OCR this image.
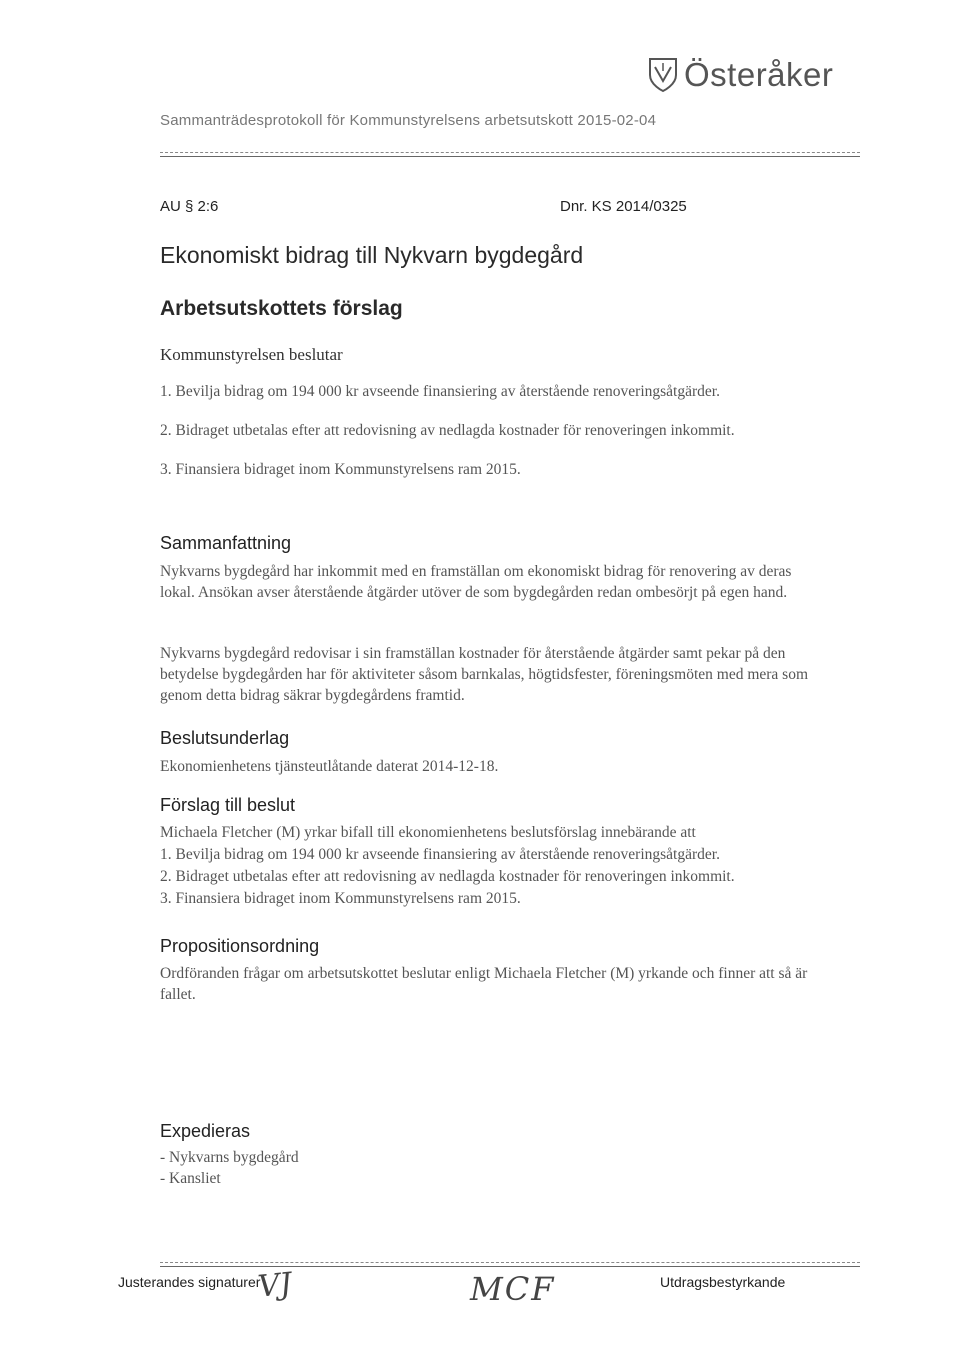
Österåker
Sammanträdesprotokoll för Kommunstyrelsens arbetsutskott 2015-02-04
AU § 2:6	Dnr. KS 2014/0325
Ekonomiskt bidrag till Nykvarn bygdegård
Arbetsutskottets förslag
Kommunstyrelsen beslutar
1. Bevilja bidrag om 194 000 kr avseende finansiering av återstående renoveringsåtgärder.
2. Bidraget utbetalas efter att redovisning av nedlagda kostnader för renoveringen inkommit.
3. Finansiera bidraget inom Kommunstyrelsens ram 2015.
Sammanfattning
Nykvarns bygdegård har inkommit med en framställan om ekonomiskt bidrag för renovering av deras lokal. Ansökan avser återstående åtgärder utöver de som bygdegården redan ombesörjt på egen hand.
Nykvarns bygdegård redovisar i sin framställan kostnader för återstående åtgärder samt pekar på den betydelse bygdegården har för aktiviteter såsom barnkalas, högtidsfester, föreningsmöten med mera som genom detta bidrag säkrar bygdegårdens framtid.
Beslutsunderlag
Ekonomienhetens tjänsteutlåtande daterat 2014-12-18.
Förslag till beslut
Michaela Fletcher (M) yrkar bifall till ekonomienhetens beslutsförslag innebärande att
1. Bevilja bidrag om 194 000 kr avseende finansiering av återstående renoveringsåtgärder.
2. Bidraget utbetalas efter att redovisning av nedlagda kostnader för renoveringen inkommit.
3. Finansiera bidraget inom Kommunstyrelsens ram 2015.
Propositionsordning
Ordföranden frågar om arbetsutskottet beslutar enligt Michaela Fletcher (M) yrkande och finner att så är fallet.
Expedieras
- Nykvarns bygdegård
- Kansliet
Justerandes signaturer
VJ	MCF	Utdragsbestyrkande
